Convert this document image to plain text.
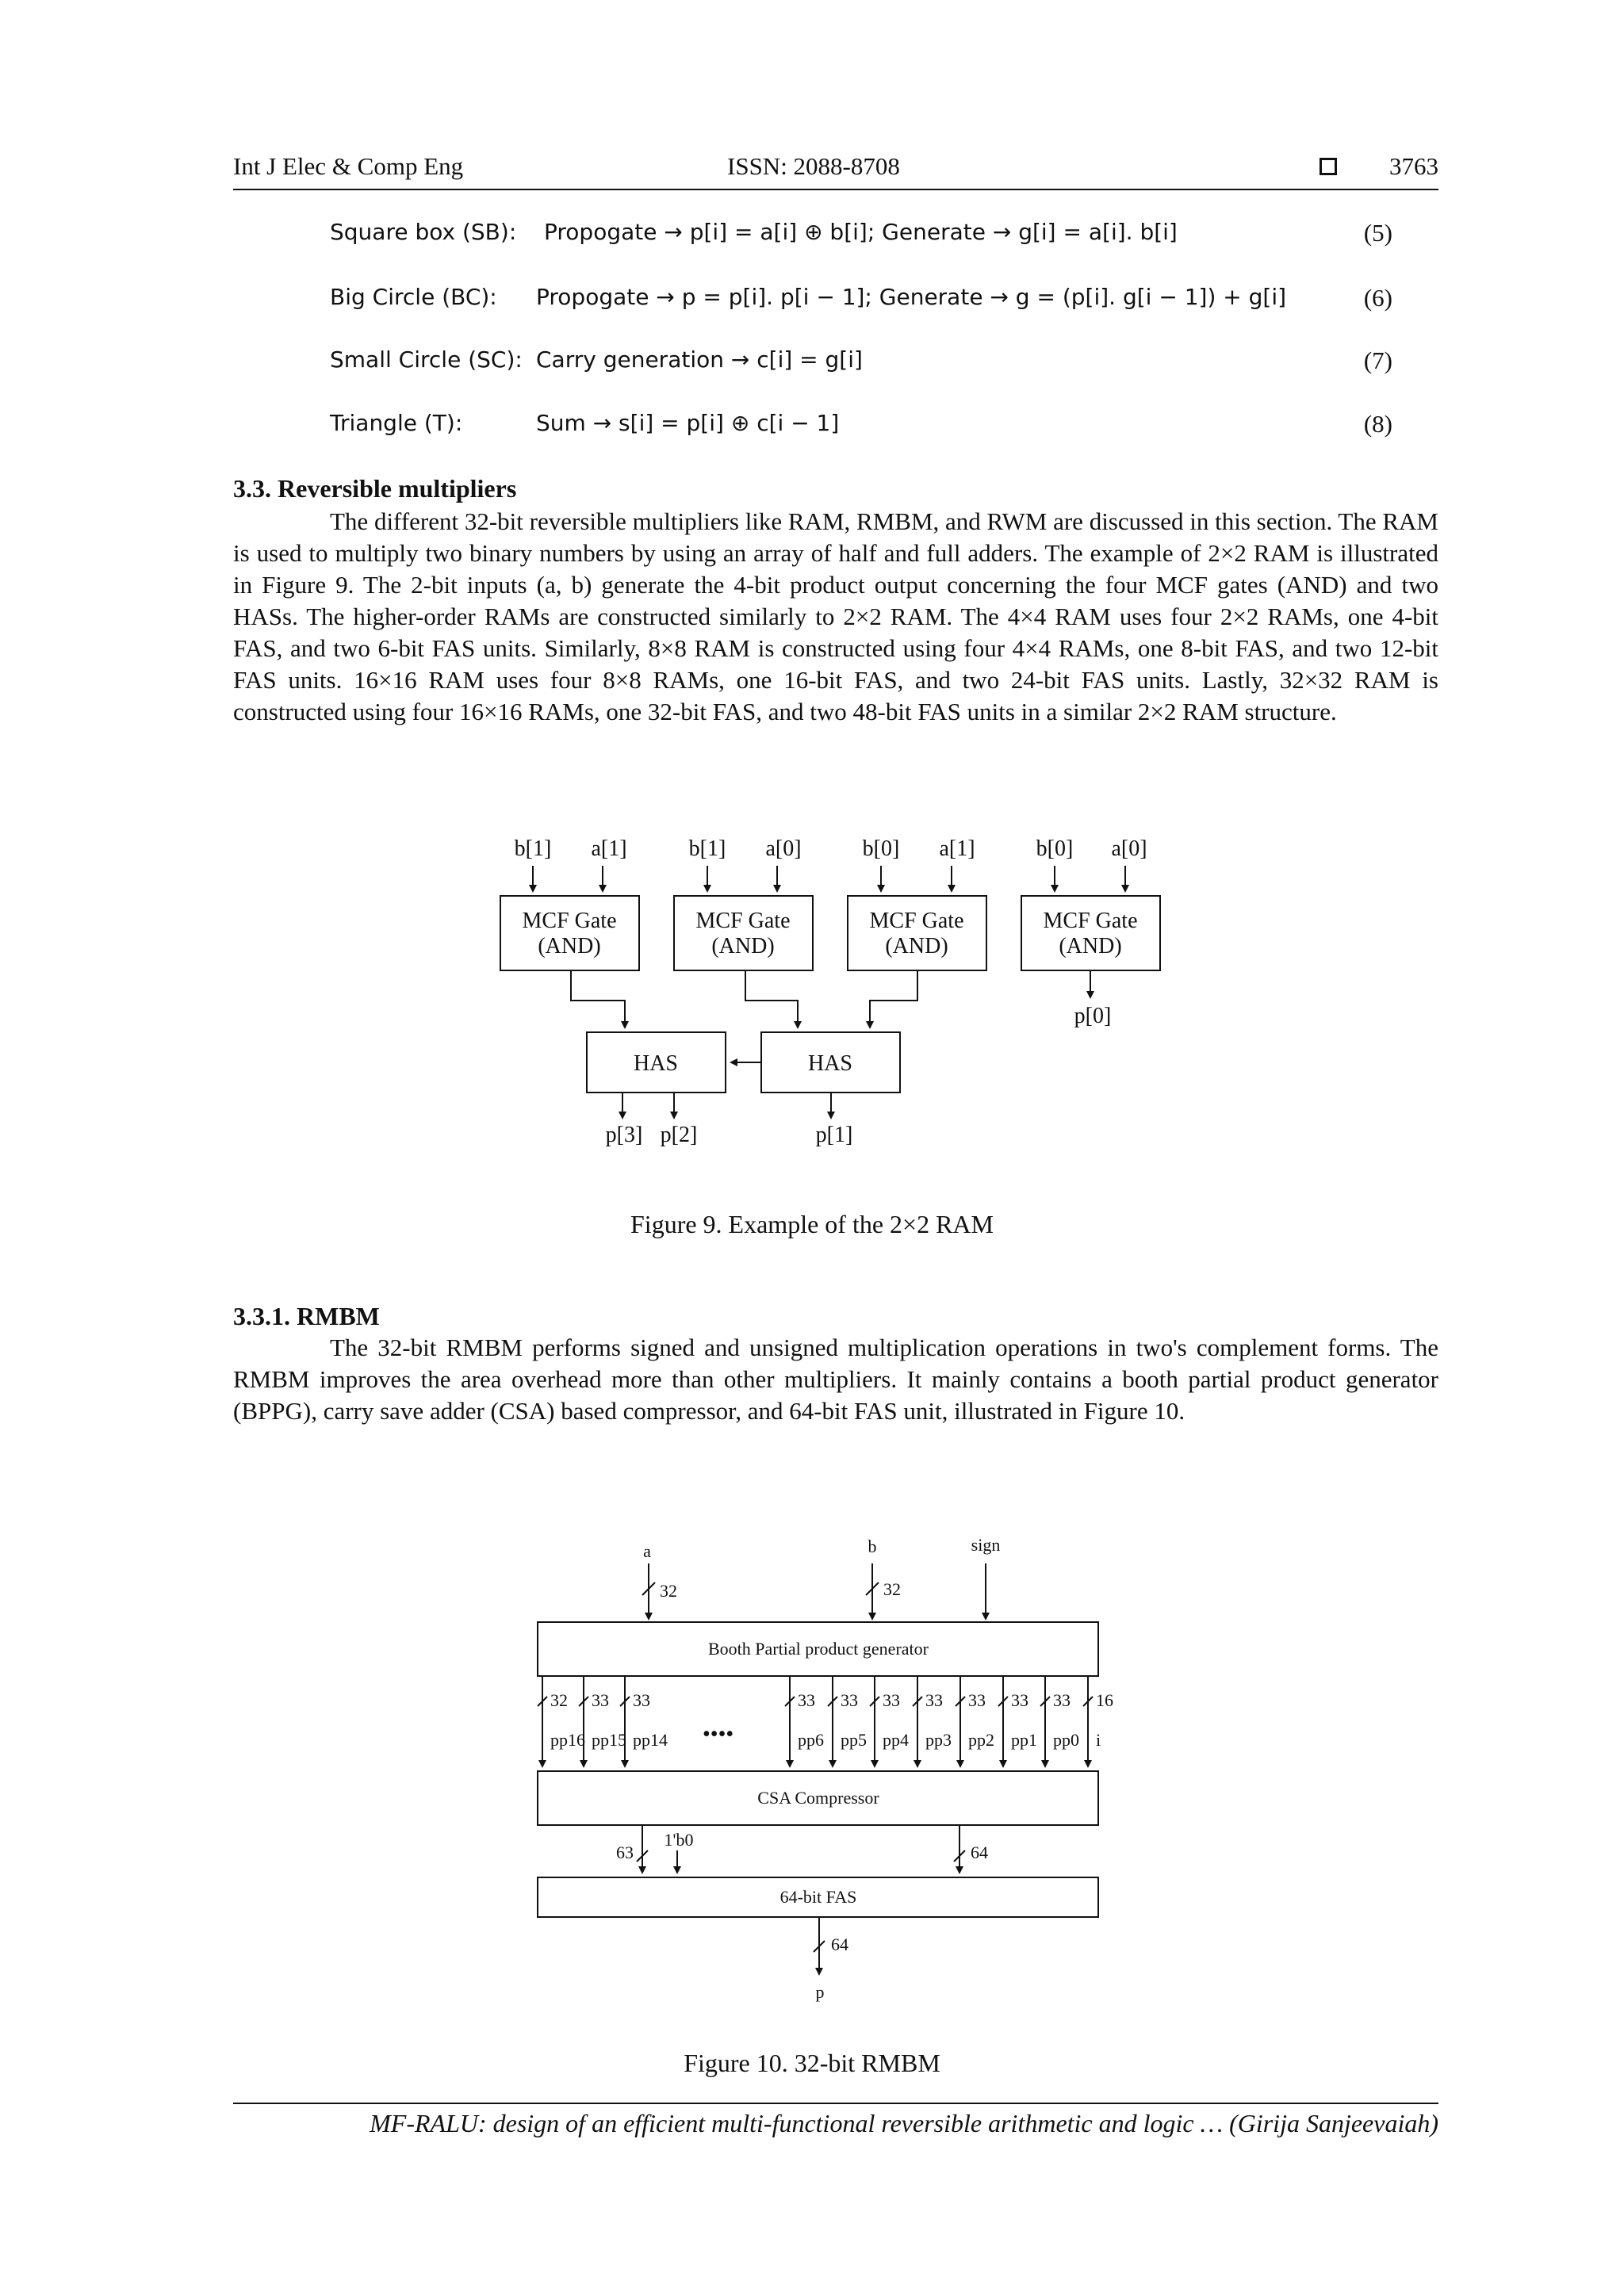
Int J Elec & Comp Eng	ISSN: 2088-8708	3763
Square box (SB): Propogate → p[i] = a[i] ⊕ b[i]; Generate → g[i] = a[i]. b[i]	(5)
Big Circle (BC): Propogate → p = p[i]. p[i − 1]; Generate → g = (p[i]. g[i − 1]) + g[i]	(6)
Small Circle (SC): Carry generation → c[i] = g[i]	(7)
Triangle (T):	Sum → s[i] = p[i] ⊕ c[i − 1]	(8)
3.3. Reversible multipliers

The different 32-bit reversible multipliers like RAM, RMBM, and RWM are discussed in this section. The RAM is used to multiply two binary numbers by using an array of half and full adders. The example of 2×2 RAM is illustrated in Figure 9. The 2-bit inputs (a, b) generate the 4-bit product output concerning the four MCF gates (AND) and two HASs. The higher-order RAMs are constructed similarly to 2×2 RAM. The 4×4 RAM uses four 2×2 RAMs, one 4-bit FAS, and two 6-bit FAS units. Similarly, 8×8 RAM is constructed using four 4×4 RAMs, one 8-bit FAS, and two 12-bit FAS units. 16×16 RAM uses four 8×8 RAMs, one 16-bit FAS, and two 24-bit FAS units. Lastly, 32×32 RAM is constructed using four 16×16 RAMs, one 32-bit FAS, and two 48-bit FAS units in a similar 2×2 RAM structure.

b[1] a[1]	b[1] a[0]	b[0] a[1]	b[0] a[0]
MCF Gate
(AND)
MCF Gate
(AND)
MCF Gate
(AND)
MCF Gate
(AND)
HAS	HAS
p[3] p[2]	p[1]
p[0]
Figure 9. Example of the 2×2 RAM
3.3.1. RMBM

The 32-bit RMBM performs signed and unsigned multiplication operations in two's complement forms. The RMBM improves the area overhead more than other multipliers. It mainly contains a booth partial product generator (BPPG), carry save adder (CSA) based compressor, and 64-bit FAS unit, illustrated in Figure 10.

a	b	sign
32	32
Booth Partial product generator
32 33 33	33 33 33 33 33 33 33 16
pp16 pp15 pp14 ••••	pp6 pp5 pp4 pp3 pp2 pp1 pp0 i
CSA Compressor
63
1'b0
64
64-bit FAS
64
p
Figure 10. 32-bit RMBM
MF-RALU: design of an efficient multi-functional reversible arithmetic and logic … (Girija Sanjeevaiah)
